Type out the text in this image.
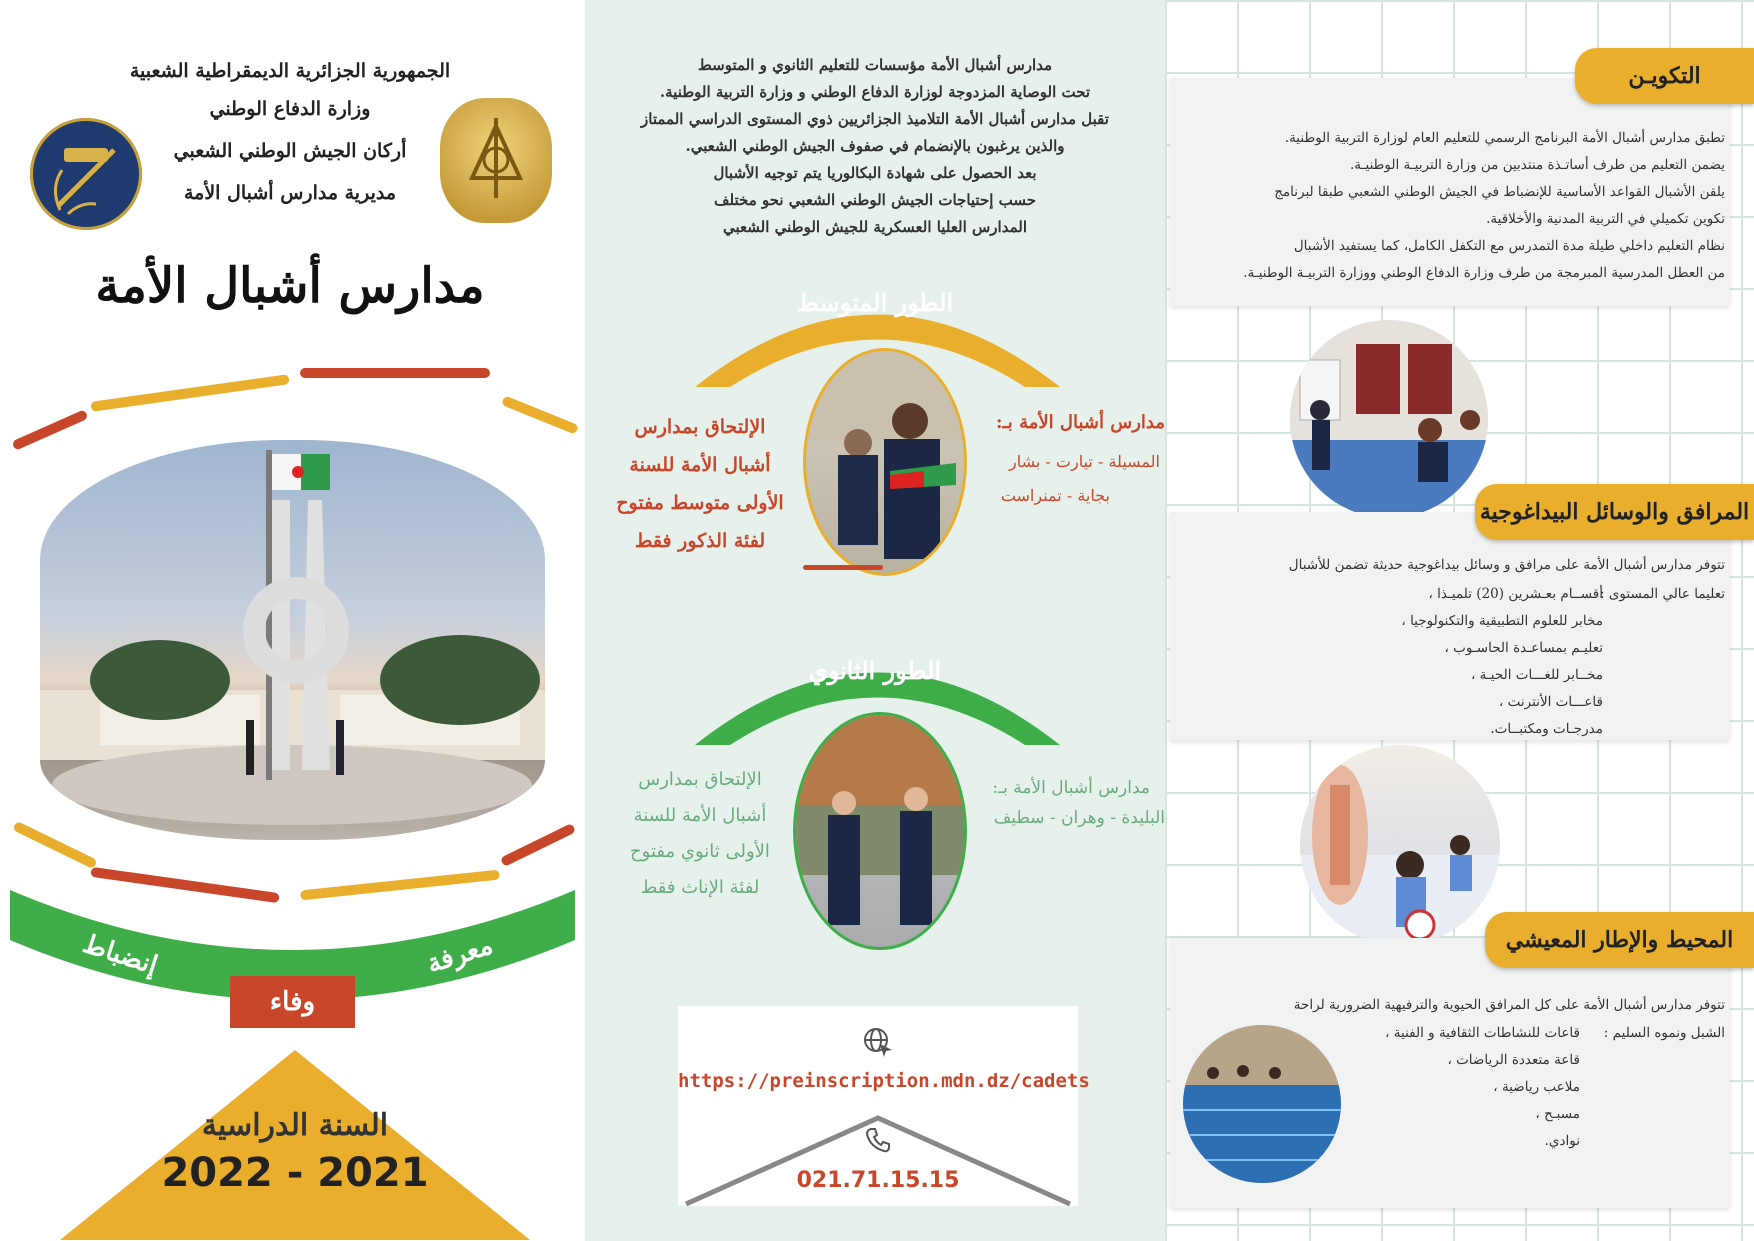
الجمهورية الجزائرية الديمقراطية الشعبية
وزارة الدفاع الوطني
أركان الجيش الوطني الشعبي
مديرية مدارس أشبال الأمة
مدارس أشبال الأمة
وفاء
معرفة
إنضباط
السنة الدراسية
2022 - 2021
مدارس أشبال الأمة مؤسسات للتعليم الثانوي و المتوسط
تحت الوصاية المزدوجة لوزارة الدفاع الوطني و وزارة التربية الوطنية.
تقبل مدارس أشبال الأمة التلاميذ الجزائريين ذوي المستوى الدراسي الممتاز
والذين يرغبون بالإنضمام في صفوف الجيش الوطني الشعبي.
بعد الحصول على شهادة البكالوريا يتم توجيه الأشبال
حسب إحتياجات الجيش الوطني الشعبي نحو مختلف
المدارس العليا العسكرية للجيش الوطني الشعبي
الطور المتوسط
مدارس أشبال الأمة بـ:
المسيلة - تيارت - بشار
بجاية - تمنراست
الإلتحاق بمدارس
أشبال الأمة للسنة
الأولى متوسط مفتوح
لفئة الذكور فقط
الطور الثانوي
مدارس أشبال الأمة بـ:
البليدة - وهران - سطيف
الإلتحاق بمدارس
أشبال الأمة للسنة
الأولى ثانوي مفتوح
لفئة الإناث فقط
https://preinscription.mdn.dz/cadets
021.71.15.15
التكويـن
تطبق مدارس أشبال الأمة البرنامج الرسمي للتعليم العام لوزارة التربية الوطنية.
يضمن التعليم من طرف أساتـذة منتدبين من وزارة التربيـة الوطنيـة.
يلقن الأشبال القواعد الأساسية للإنضباط في الجيش الوطني الشعبي طبقا لبرنامج
تكوين تكميلي في التربية المدنية والأخلاقية.
نظام التعليم داخلي طيلة مدة التمدرس مع التكفل الكامل، كما يستفيد الأشبال
من العطل المدرسية المبرمجة من طرف وزارة الدفاع الوطني ووزارة التربيـة الوطنيـة.
المرافق والوسائل البيداغوجية
تتوفر مدارس أشبال الأمة على مرافق و وسائل بيداغوجية حديثة تضمن للأشبال
تعليما عالي المستوى :
أقســام بعـشرين (20) تلميـذا ،
مخابر للعلوم التطبيقية والتكنولوجيا ،
تعليـم بمساعـدة الحاسـوب ،
مخــابر للغـــات الحيـة ،
قاعـــات الأنترنت ،
مدرجـات ومكتبــات.
المحيط والإطار المعيشي
تتوفر مدارس أشبال الأمة على كل المرافق الحيوية والترفيهية الضرورية لراحة
الشبل ونموه السليم :
قاعات للنشاطات الثقافية و الفنية ،
قاعة متعددة الرياضات ،
ملاعب رياضية ،
مسبـح ،
نوادي.
